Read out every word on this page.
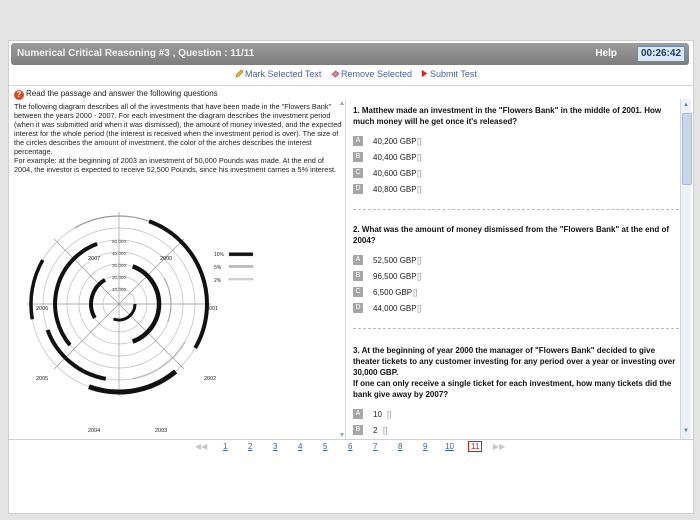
Numerical Critical Reasoning #3 , Question : 11/11	Help	00:26:42
Mark Selected Text	Remove Selected	Submit Test
? Read the passage and answer the following questions

The following diagram describes all of the investments that have been made in the "Flowers Bank" between the years 2000 - 2007. For each investment the diagram describes the investment period (when it was submitted and when it was dismissed), the amount of money invested, and the expected interest for the whole period (the interest is received when the investment period is over). The size of the circles describes the amount of investment, the color of the arches describes the interest percentage.

For example: at the beginning of 2003 an investment of 50,000 Pounds was made. At the end of 2004, the investor is expected to receive 52,500 Pounds, since his investment carries a 5% interest.

10,000
20,000
30,000
40,000
50,000
2000
2001
2002
2003
2004
2005
2006
2007
10%
5%
2%
1. Matthew made an investment in the "Flowers Bank" in the middle of 2001. How much money will he get once it's released?
A	40,200 GBP []
B	40,400 GBP []
C	40,600 GBP []
D	40,800 GBP []
2. What was the amount of money dismissed from the "Flowers Bank" at the end of 2004?
A	52,500 GBP []
B	96,500 GBP []
C	6,500 GBP []
D	44,000 GBP []
3. At the beginning of year 2000 the manager of "Flowers Bank" decided to give theater tickets to any customer investing for any period over a year or investing over 30,000 GBP.
If one can only receive a single ticket for each investment, how many tickets did the bank give away by 2007?
A	10 []
B	2 []
▲
▼
◀◀ 1	2	3	4	5	6	7	8	9 10	11	▶▶
